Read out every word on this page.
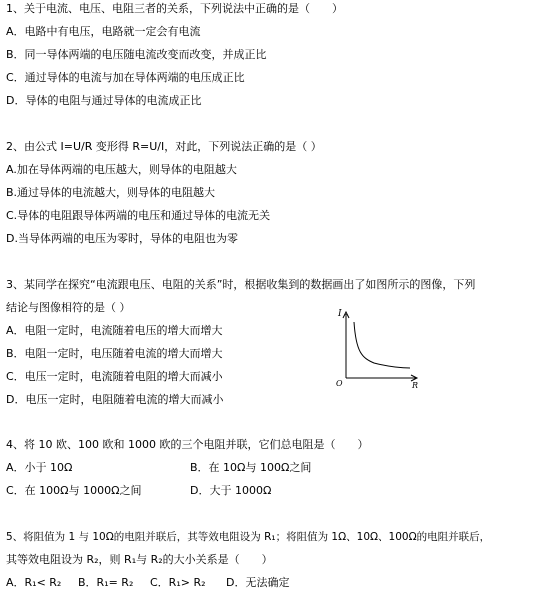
1、关于电流、电压、电阻三者的关系，下列说法中正确的是（　　）
A．电路中有电压，电路就一定会有电流
B．同一导体两端的电压随电流改变而改变，并成正比
C．通过导体的电流与加在导体两端的电压成正比
D．导体的电阻与通过导体的电流成正比
2、由公式 I=U/R 变形得 R=U/I，对此，下列说法正确的是（ ）
A.加在导体两端的电压越大，则导体的电阻越大
B.通过导体的电流越大，则导体的电阻越大
C.导体的电阻跟导体两端的电压和通过导体的电流无关
D.当导体两端的电压为零时，导体的电阻也为零
3、某同学在探究“电流跟电压、电阻的关系”时，根据收集到的数据画出了如图所示的图像，下列
结论与图像相符的是（ ）
A．电阻一定时，电流随着电压的增大而增大
B．电阻一定时，电压随着电流的增大而增大
C．电压一定时，电流随着电阻的增大而减小
D．电压一定时，电阻随着电流的增大而减小
I
O	R
4、将 10 欧、100 欧和 1000 欧的三个电阻并联，它们总电阻是（　　）
A．小于 10Ω	B．在 10Ω与 100Ω之间
C．在 100Ω与 1000Ω之间	D．大于 1000Ω
5、将阻值为 1 与 10Ω的电阻并联后，其等效电阻设为 R₁；将阻值为 1Ω、10Ω、100Ω的电阻并联后，
其等效电阻设为 R₂，则 R₁与 R₂的大小关系是（　　）
A．R₁< R₂ B．R₁= R₂ C．R₁> R₂ D．无法确定
